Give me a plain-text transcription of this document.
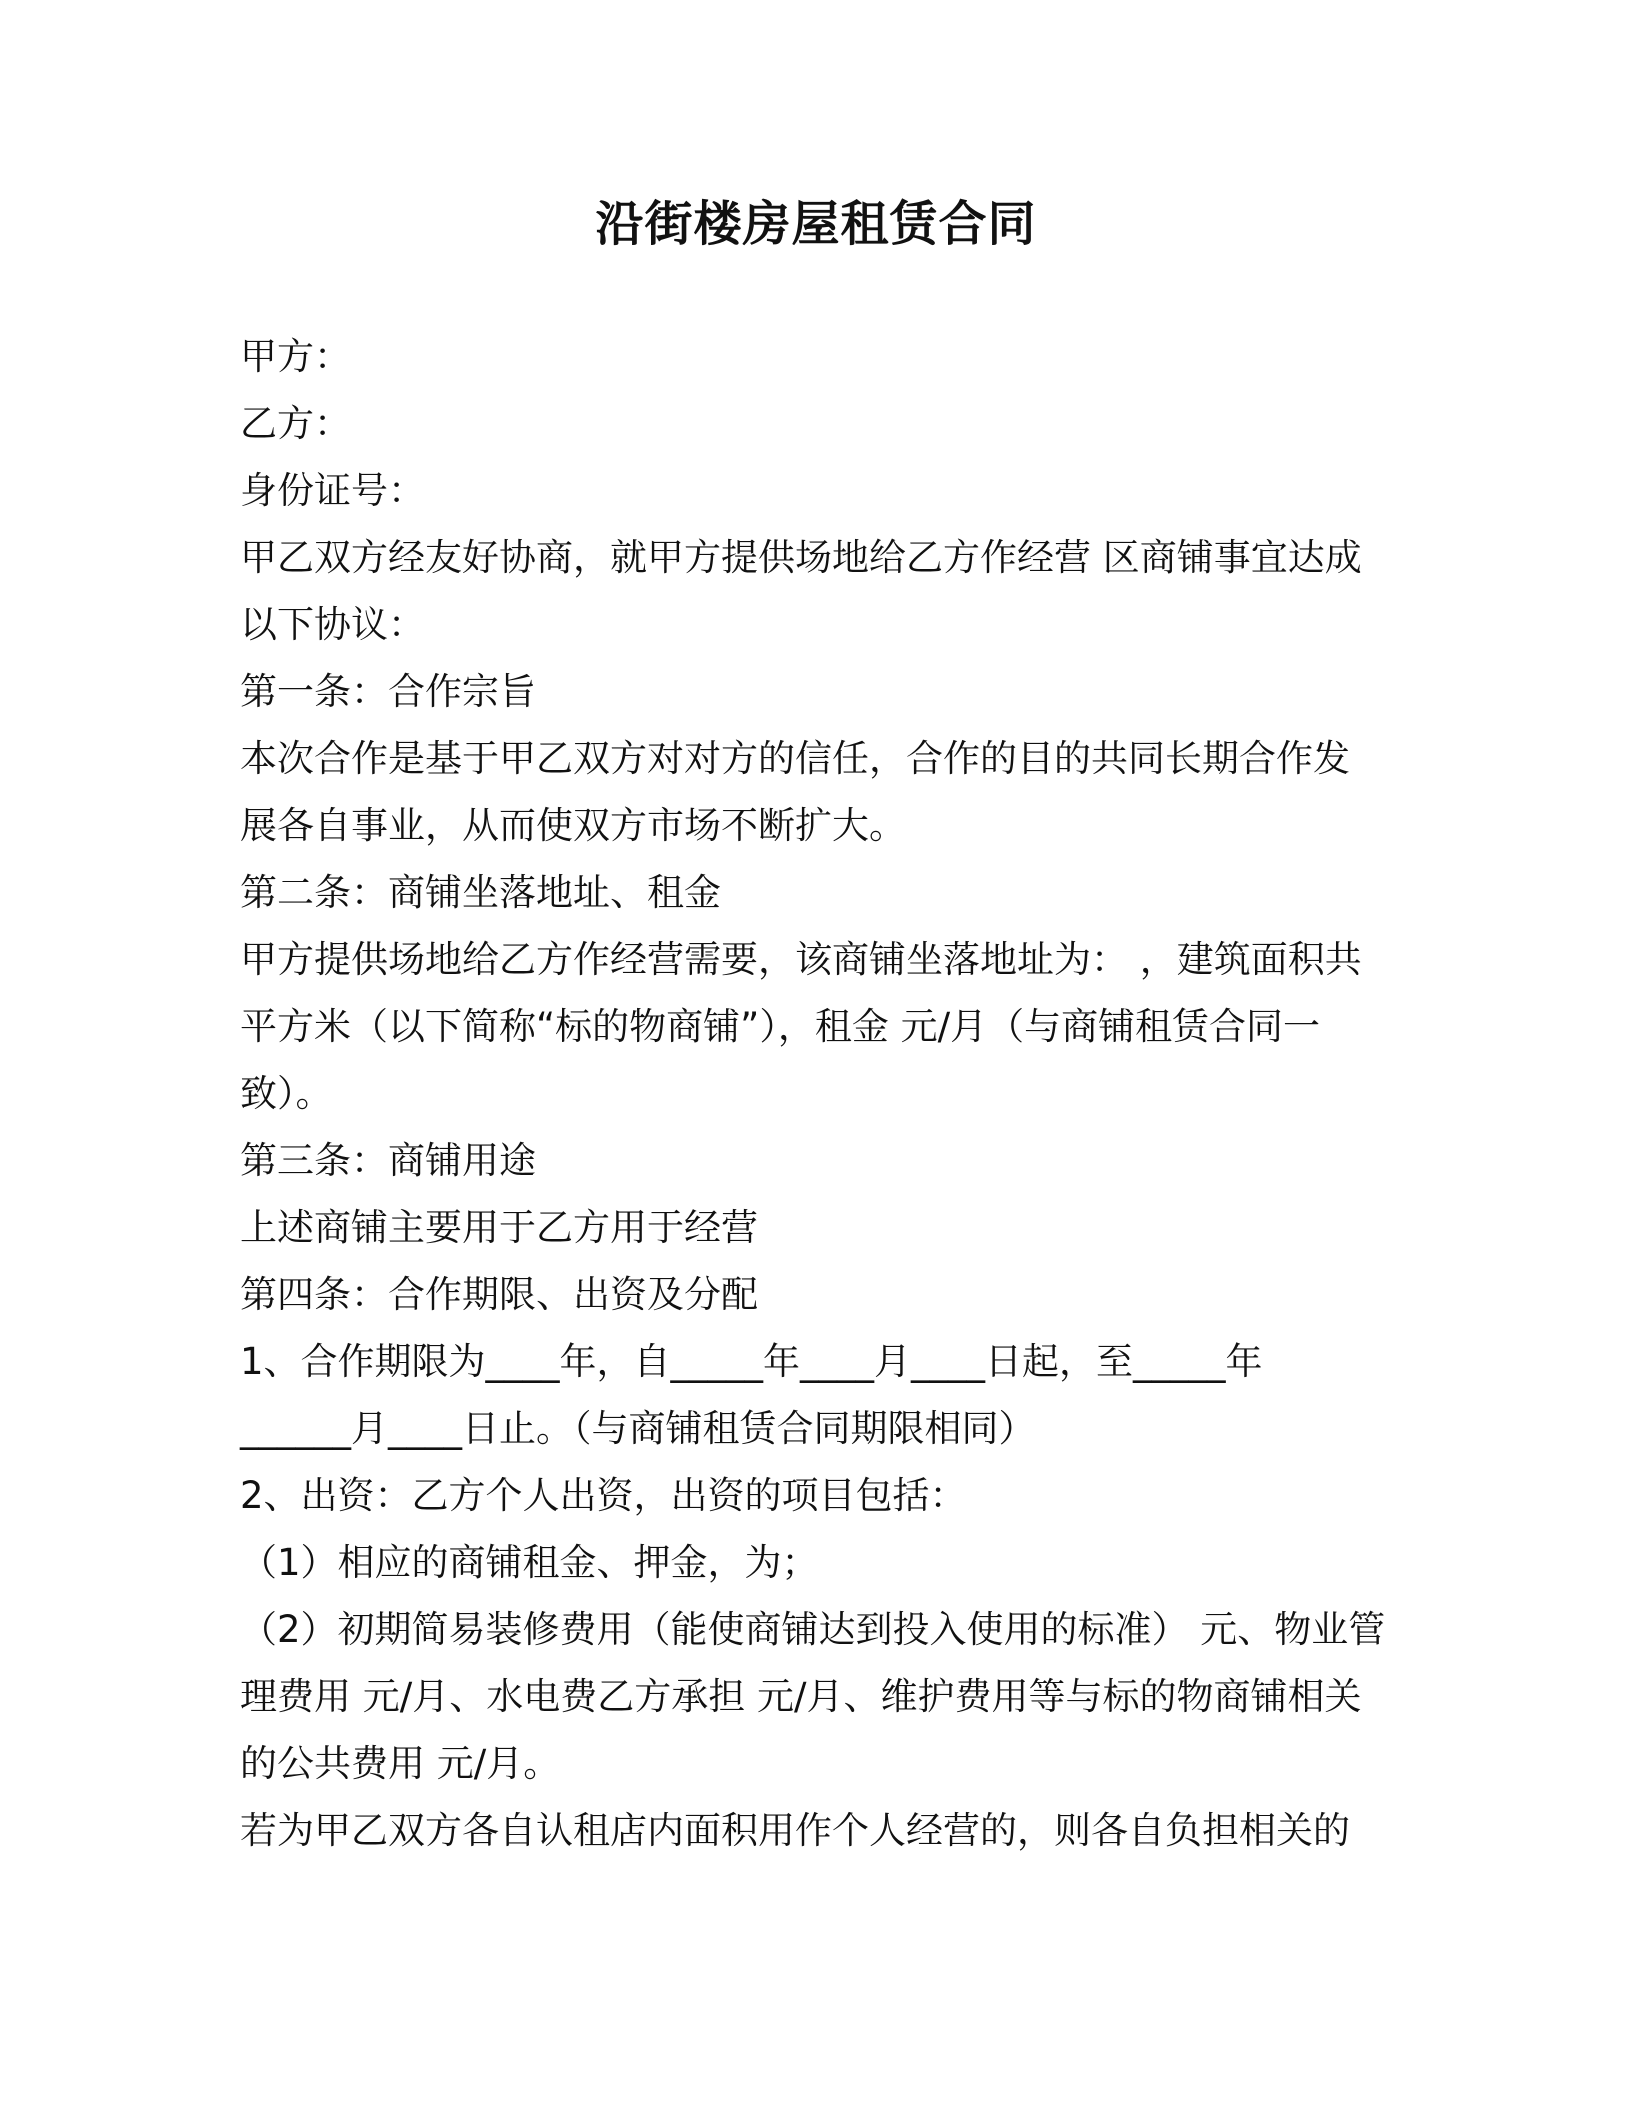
沿街楼房屋租赁合同
甲方：
乙方：
身份证号：
甲乙双方经友好协商，就甲方提供场地给乙方作经营 区商铺事宜达成
以下协议：
第一条：合作宗旨
本次合作是基于甲乙双方对对方的信任，合作的目的共同长期合作发
展各自事业，从而使双方市场不断扩大。
第二条：商铺坐落地址、租金
甲方提供场地给乙方作经营需要，该商铺坐落地址为： ，建筑面积共
平方米（以下简称“标的物商铺”），租金 元/月（与商铺租赁合同一
致）。
第三条：商铺用途
上述商铺主要用于乙方用于经营
第四条：合作期限、出资及分配
1、合作期限为____年，自_____年____月____日起，至_____年
______月____日止。（与商铺租赁合同期限相同）
2、出资：乙方个人出资，出资的项目包括：
（1）相应的商铺租金、押金，为；
（2）初期简易装修费用（能使商铺达到投入使用的标准） 元、物业管
理费用 元/月、水电费乙方承担 元/月、维护费用等与标的物商铺相关
的公共费用 元/月。
若为甲乙双方各自认租店内面积用作个人经营的，则各自负担相关的
